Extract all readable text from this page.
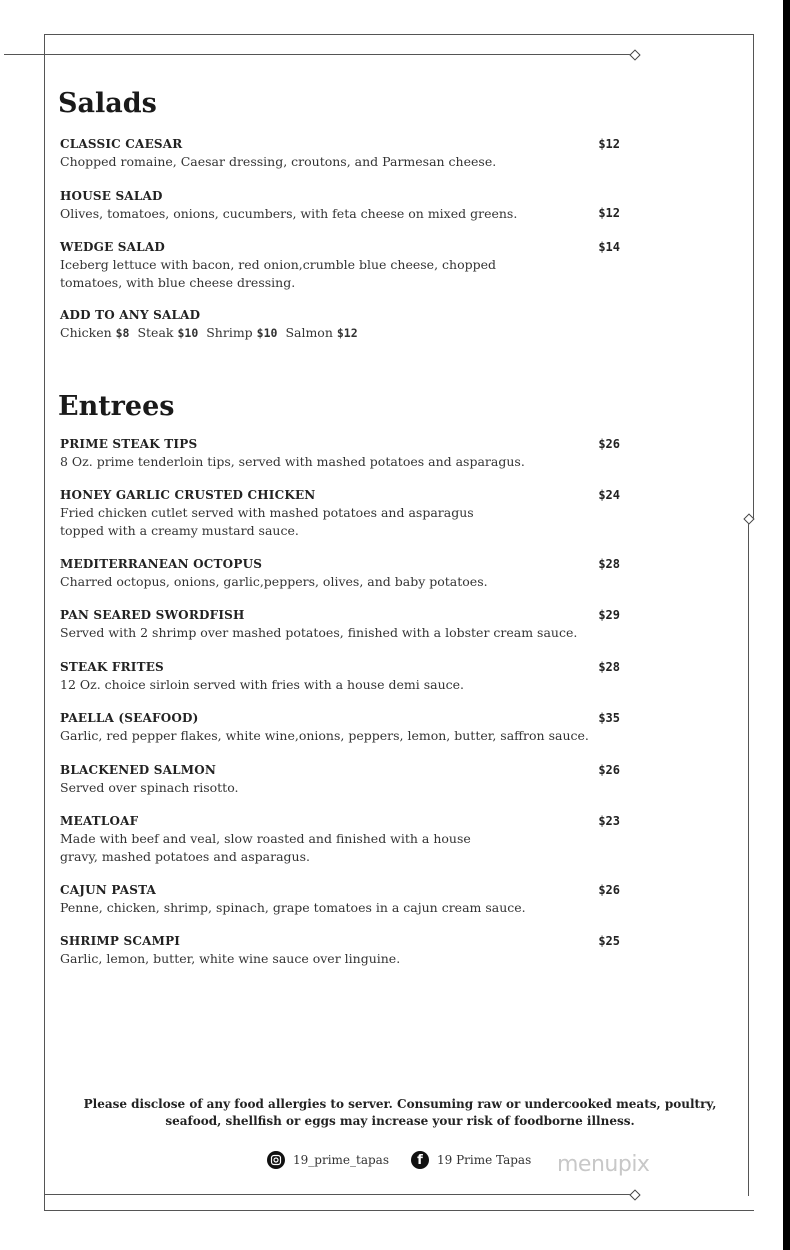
Salads
CLASSIC CAESAR
Chopped romaine, Caesar dressing, croutons, and Parmesan cheese.
$12
HOUSE SALAD
Olives, tomatoes, onions, cucumbers, with feta cheese on mixed greens.	$12
WEDGE SALAD
Iceberg lettuce with bacon, red onion,crumble blue cheese, chopped tomatoes, with blue cheese dressing.
$14
ADD TO ANY SALAD
Chicken $8 Steak $10 Shrimp $10 Salmon $12
Entrees
PRIME STEAK TIPS
8 Oz. prime tenderloin tips, served with mashed potatoes and asparagus.
$26
HONEY GARLIC CRUSTED CHICKEN
Fried chicken cutlet served with mashed potatoes and asparagus topped with a creamy mustard sauce.
$24
MEDITERRANEAN OCTOPUS
Charred octopus, onions, garlic,peppers, olives, and baby potatoes.
$28
PAN SEARED SWORDFISH
Served with 2 shrimp over mashed potatoes, finished with a lobster cream sauce.
$29
STEAK FRITES
12 Oz. choice sirloin served with fries with a house demi sauce.
$28
PAELLA (SEAFOOD)
Garlic, red pepper flakes, white wine,onions, peppers, lemon, butter, saffron sauce.
$35
BLACKENED SALMON
Served over spinach risotto.
$26
MEATLOAF
Made with beef and veal, slow roasted and finished with a house gravy, mashed potatoes and asparagus.
$23
CAJUN PASTA
Penne, chicken, shrimp, spinach, grape tomatoes in a cajun cream sauce.
$26
SHRIMP SCAMPI
Garlic, lemon, butter, white wine sauce over linguine.
$25
Please disclose of any food allergies to server. Consuming raw or undercooked meats, poultry, seafood, shellfish or eggs may increase your risk of foodborne illness.
19_prime_tapas	f	19 Prime Tapas menupix
